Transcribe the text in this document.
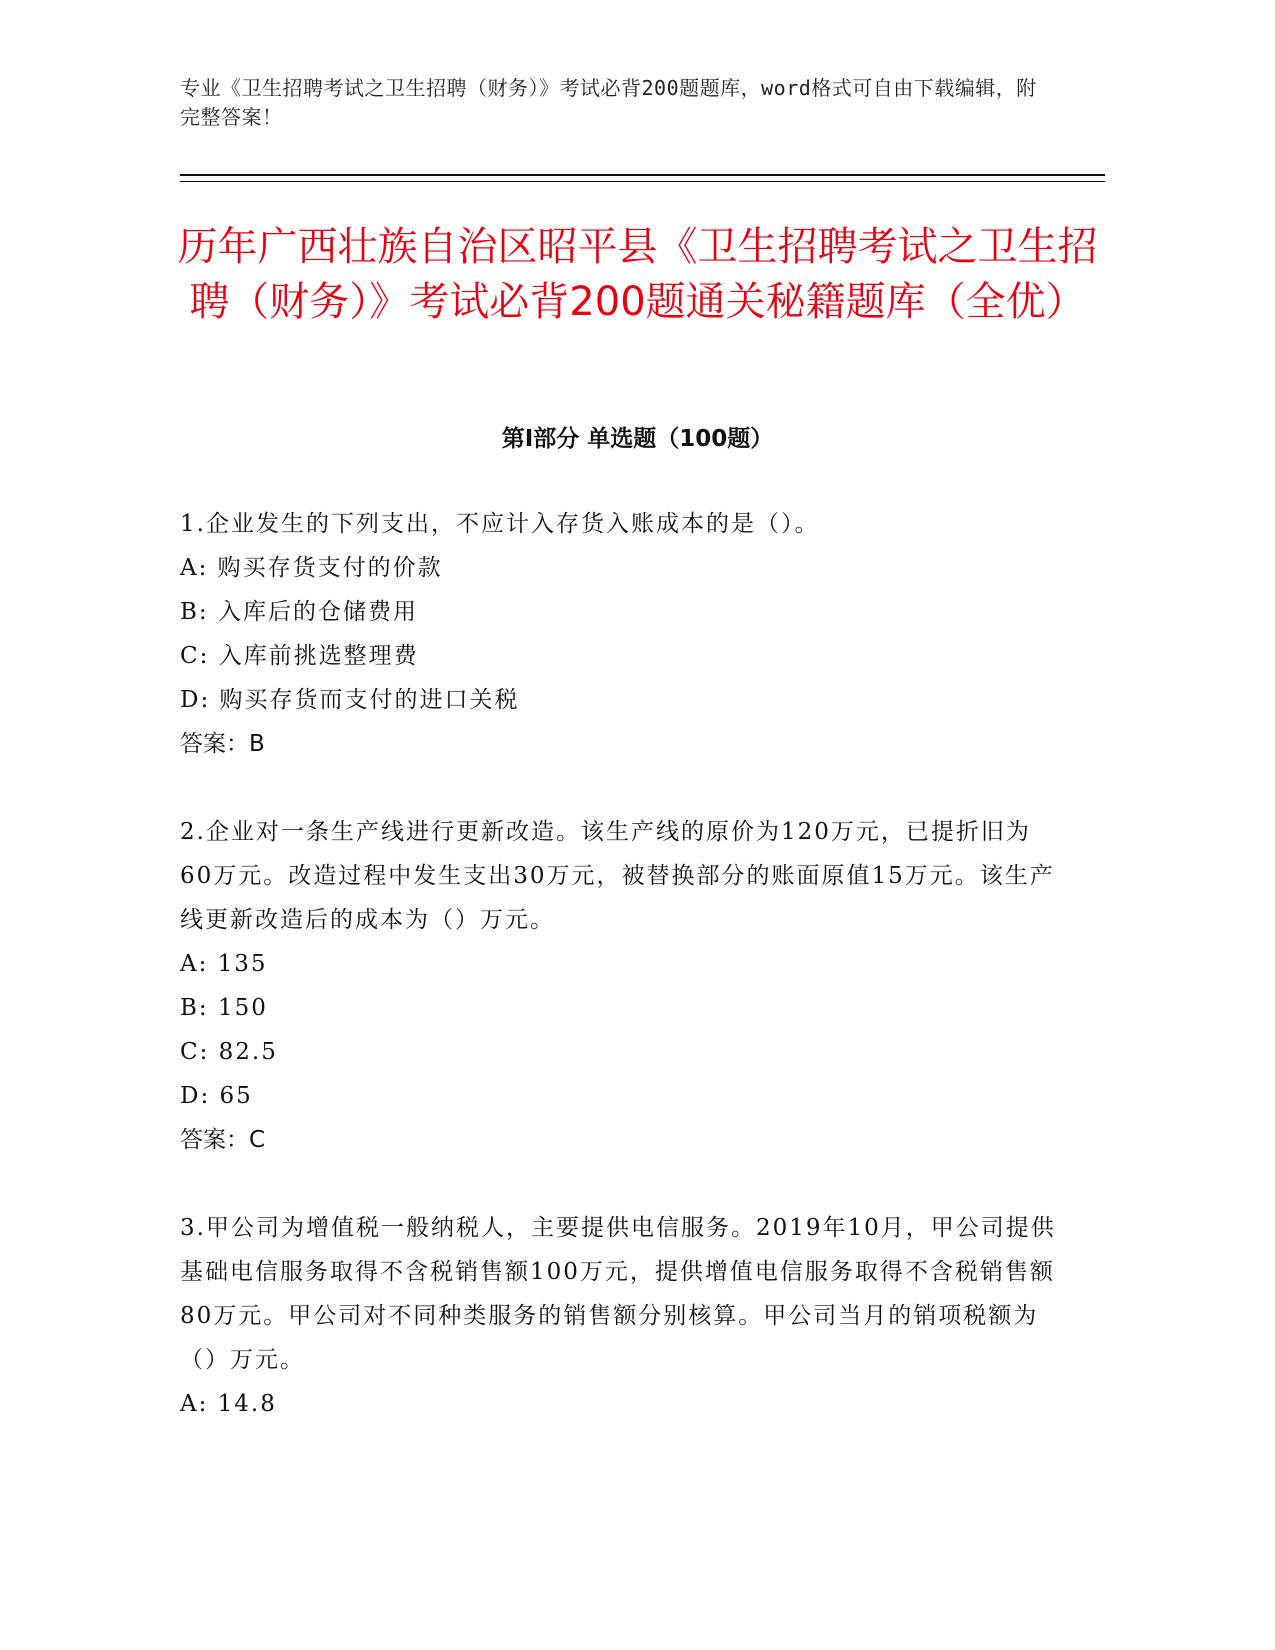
专业《卫生招聘考试之卫生招聘（财务）》考试必背200题题库，word格式可自由下载编辑，附完整答案！
历年广西壮族自治区昭平县《卫生招聘考试之卫生招聘（财务）》考试必背200题通关秘籍题库（全优）
第I部分 单选题（100题）

1.企业发生的下列支出，不应计入存货入账成本的是（）。

A: 购买存货支付的价款

B: 入库后的仓储费用

C: 入库前挑选整理费

D: 购买存货而支付的进口关税

答案：B

2.企业对一条生产线进行更新改造。该生产线的原价为120万元，已提折旧为60万元。改造过程中发生支出30万元，被替换部分的账面原值15万元。该生产线更新改造后的成本为（）万元。

A: 135

B: 150

C: 82.5

D: 65

答案：C

3.甲公司为增值税一般纳税人，主要提供电信服务。2019年10月，甲公司提供基础电信服务取得不含税销售额100万元，提供增值电信服务取得不含税销售额80万元。甲公司对不同种类服务的销售额分别核算。甲公司当月的销项税额为（）万元。

A: 14.8
